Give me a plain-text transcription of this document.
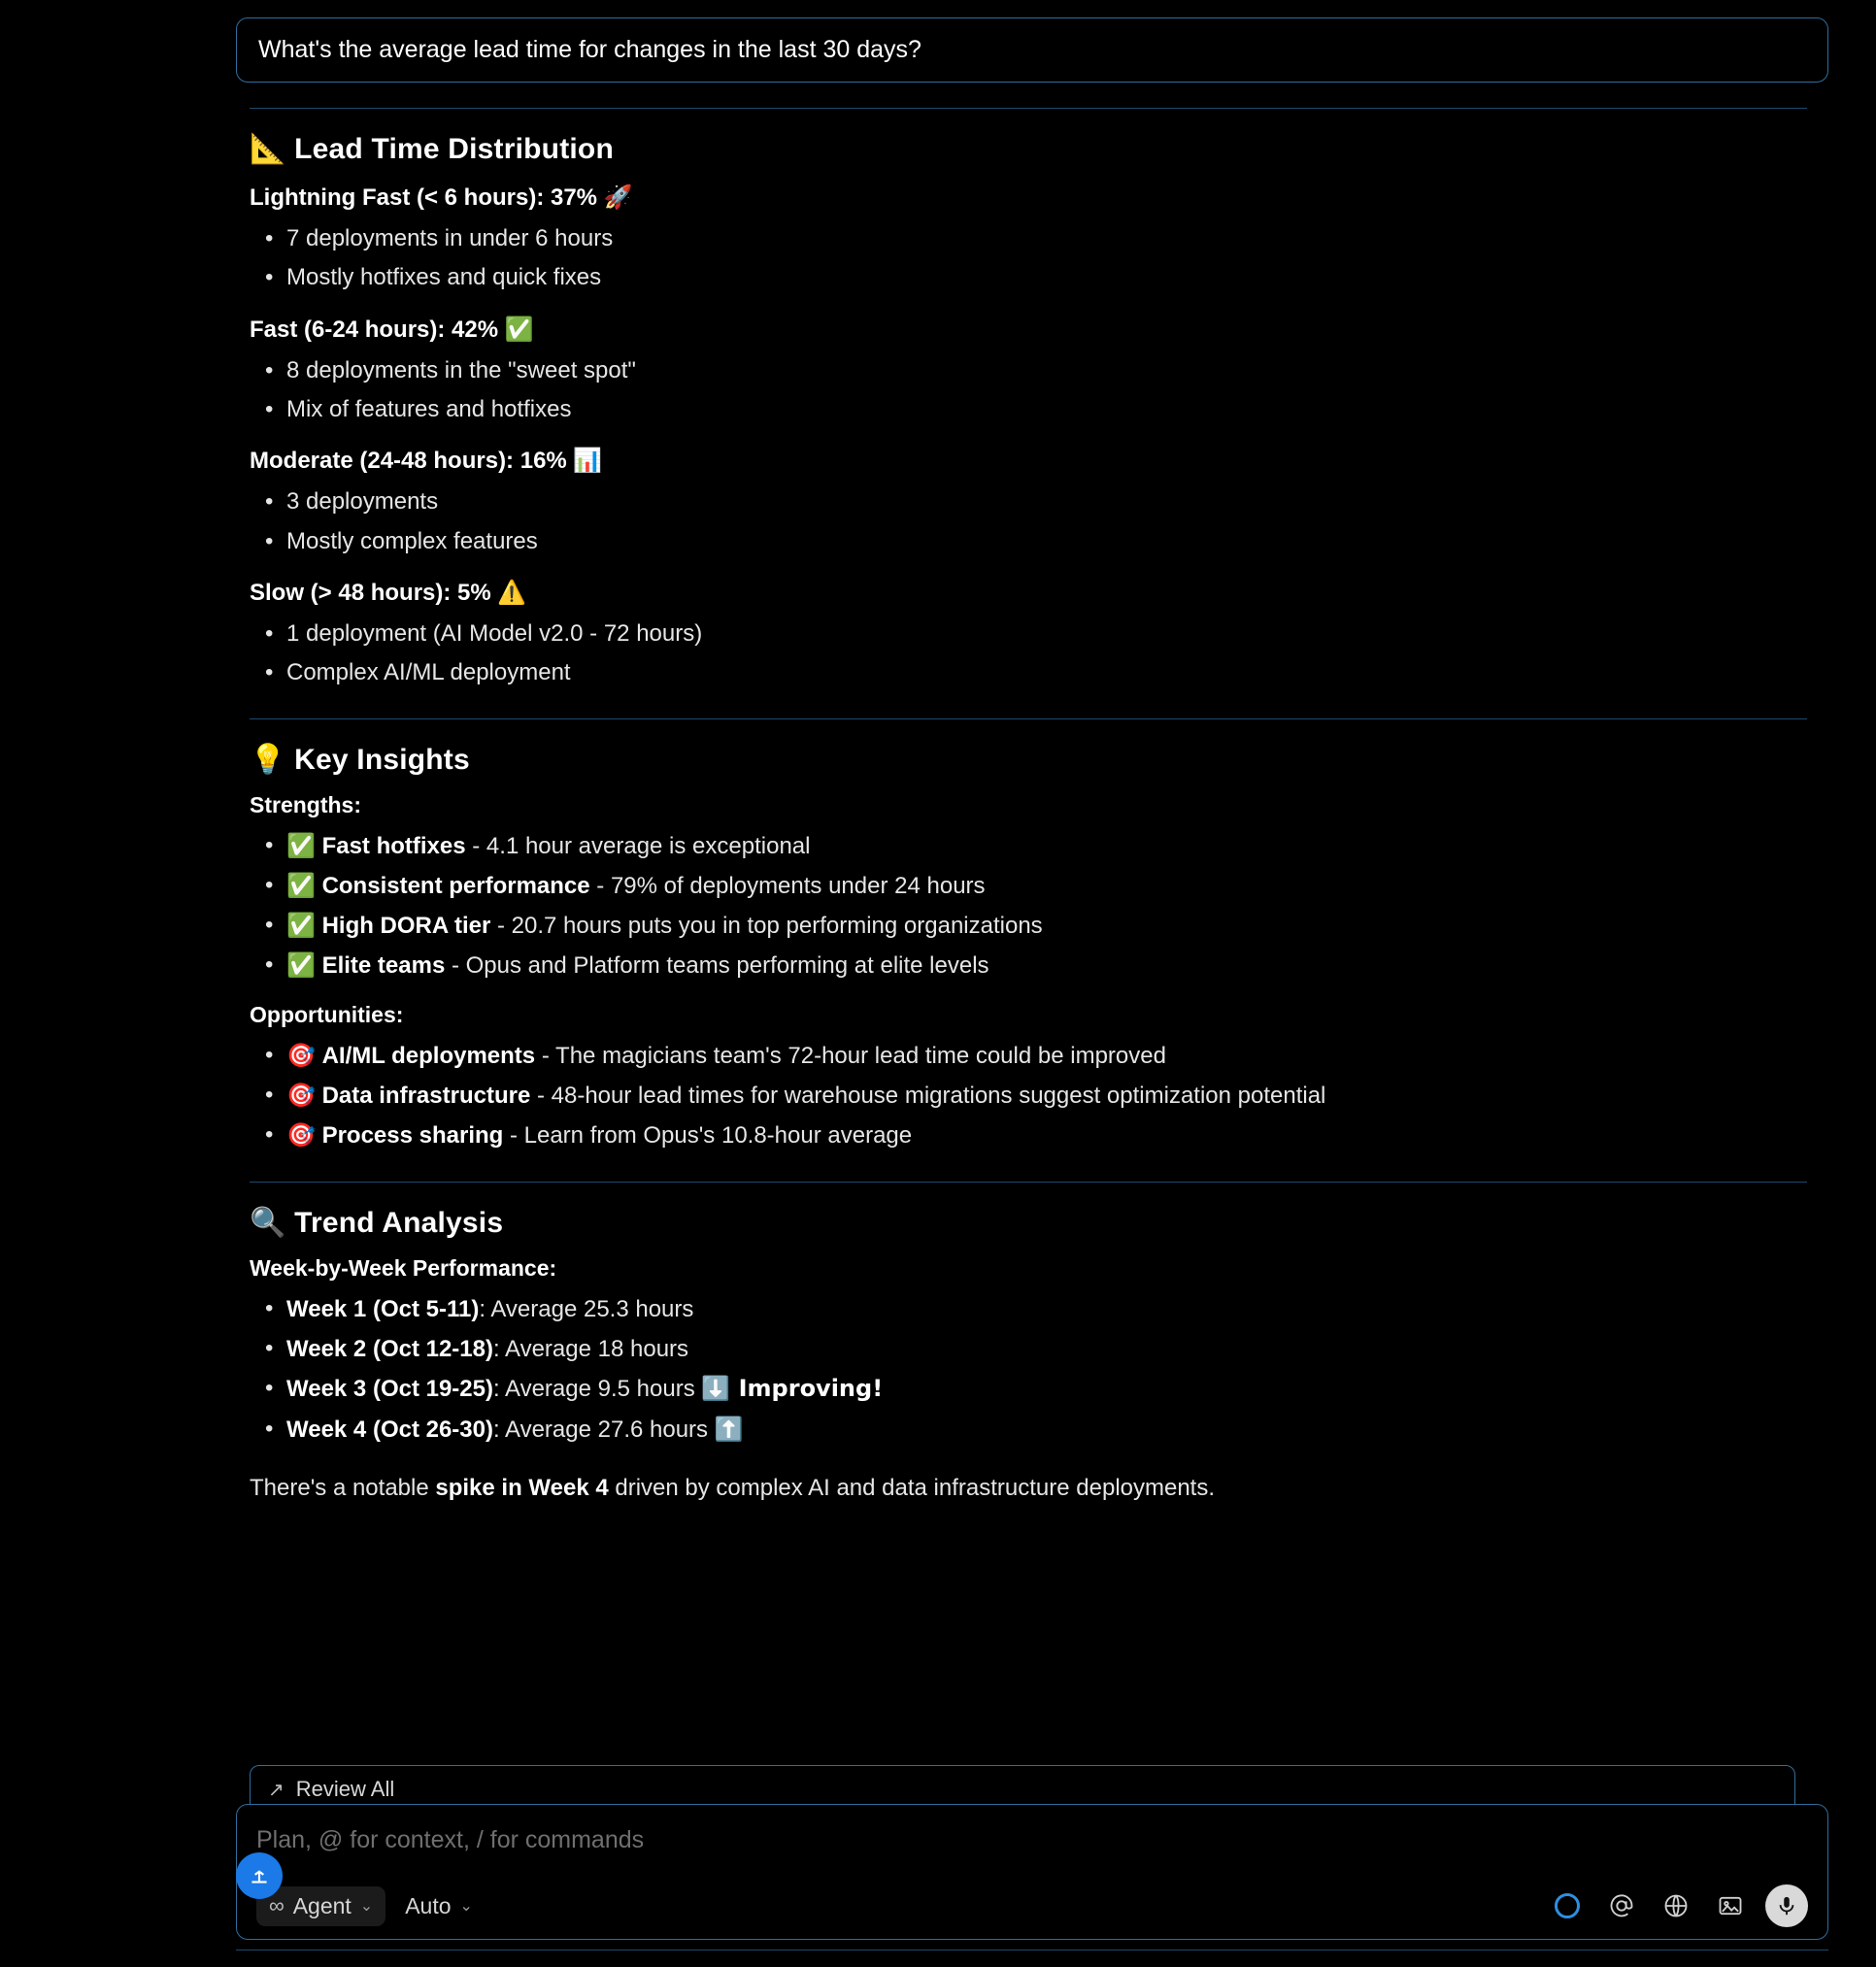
What's the average lead time for changes in the last 30 days?
📐 Lead Time Distribution
Lightning Fast (< 6 hours): 37% 🚀
• 7 deployments in under 6 hours
• Mostly hotfixes and quick fixes
Fast (6-24 hours): 42% ✅
• 8 deployments in the "sweet spot"
• Mix of features and hotfixes
Moderate (24-48 hours): 16% 📊
• 3 deployments
• Mostly complex features
Slow (> 48 hours): 5% ⚠️
• 1 deployment (AI Model v2.0 - 72 hours)
• Complex AI/ML deployment
💡 Key Insights
Strengths:
• ✅ Fast hotfixes - 4.1 hour average is exceptional
• ✅ Consistent performance - 79% of deployments under 24 hours
• ✅ High DORA tier - 20.7 hours puts you in top performing organizations
• ✅ Elite teams - Opus and Platform teams performing at elite levels
Opportunities:
• 🎯 AI/ML deployments - The magicians team's 72-hour lead time could be improved
• 🎯 Data infrastructure - 48-hour lead times for warehouse migrations suggest optimization potential
• 🎯 Process sharing - Learn from Opus's 10.8-hour average
🔍 Trend Analysis
Week-by-Week Performance:
• Week 1 (Oct 5-11): Average 25.3 hours
• Week 2 (Oct 12-18): Average 18 hours
• Week 3 (Oct 19-25): Average 9.5 hours ⬇️ Improving!
• Week 4 (Oct 26-30): Average 27.6 hours ⬆️

There's a notable spike in Week 4 driven by complex AI and data infrastructure deployments.

↗ Review All
Plan, @ for context, / for commands
∞ Agent ⌄ Auto ⌄
